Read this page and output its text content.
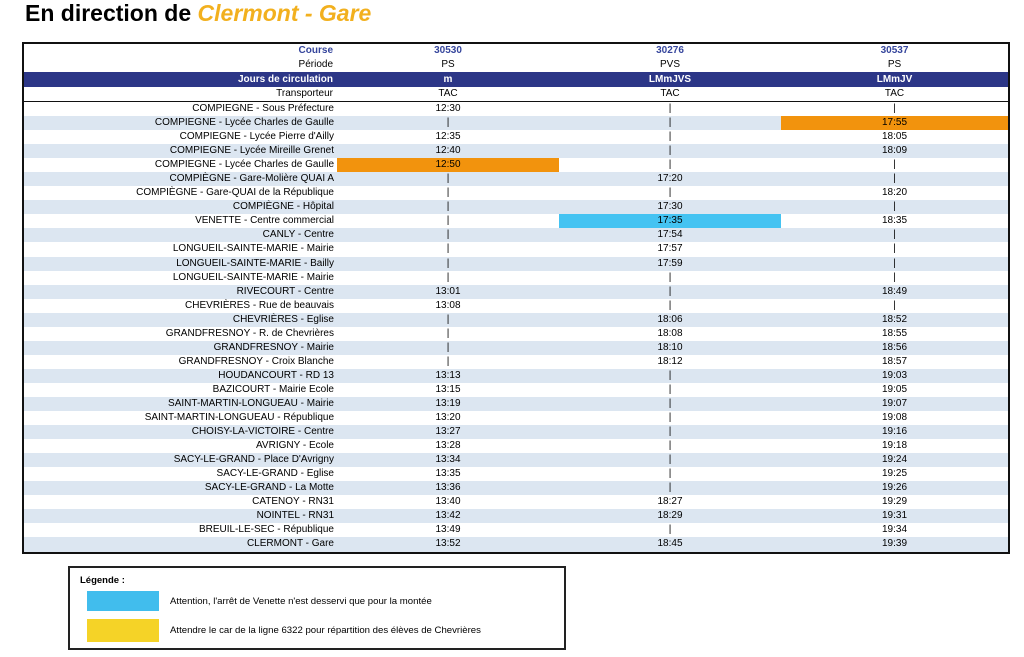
En direction de Clermont - Gare
Course	30530	30276	30537
Période	PS	PVS	PS
Jours de circulation	m	LMmJVS	LMmJV
Transporteur	TAC	TAC	TAC
COMPIEGNE - Sous Préfecture	12:30	|	|
COMPIEGNE - Lycée Charles de Gaulle	|	|	17:55
COMPIEGNE - Lycée Pierre d'Ailly	12:35	|	18:05
COMPIEGNE - Lycée Mireille Grenet	12:40	|	18:09
COMPIEGNE - Lycée Charles de Gaulle	12:50	|	|
COMPIÈGNE - Gare-Molière QUAI A	|	17:20	|
COMPIÈGNE - Gare-QUAI de la République	|	|	18:20
COMPIÈGNE - Hôpital	|	17:30	|
VENETTE - Centre commercial	|	17:35	18:35
CANLY - Centre	|	17:54	|
LONGUEIL-SAINTE-MARIE - Mairie	|	17:57	|
LONGUEIL-SAINTE-MARIE - Bailly	|	17:59	|
LONGUEIL-SAINTE-MARIE - Mairie	|	|	|
RIVECOURT - Centre	13:01	|	18:49
CHEVRIÈRES - Rue de beauvais	13:08	|	|
CHEVRIÈRES - Eglise	|	18:06	18:52
GRANDFRESNOY - R. de Chevrières	|	18:08	18:55
GRANDFRESNOY - Mairie	|	18:10	18:56
GRANDFRESNOY - Croix Blanche	|	18:12	18:57
HOUDANCOURT - RD 13	13:13	|	19:03
BAZICOURT - Mairie Ecole	13:15	|	19:05
SAINT-MARTIN-LONGUEAU - Mairie	13:19	|	19:07
SAINT-MARTIN-LONGUEAU - République	13:20	|	19:08
CHOISY-LA-VICTOIRE - Centre	13:27	|	19:16
AVRIGNY - Ecole	13:28	|	19:18
SACY-LE-GRAND - Place D'Avrigny	13:34	|	19:24
SACY-LE-GRAND - Eglise	13:35	|	19:25
SACY-LE-GRAND - La Motte	13:36	|	19:26
CATENOY - RN31	13:40	18:27	19:29
NOINTEL - RN31	13:42	18:29	19:31
BREUIL-LE-SEC - République	13:49	|	19:34
CLERMONT - Gare	13:52	18:45	19:39
Légende :
Attention, l'arrêt de Venette n'est desservi que pour la montée
Attendre le car de la ligne 6322 pour répartition des élèves de Chevrières
